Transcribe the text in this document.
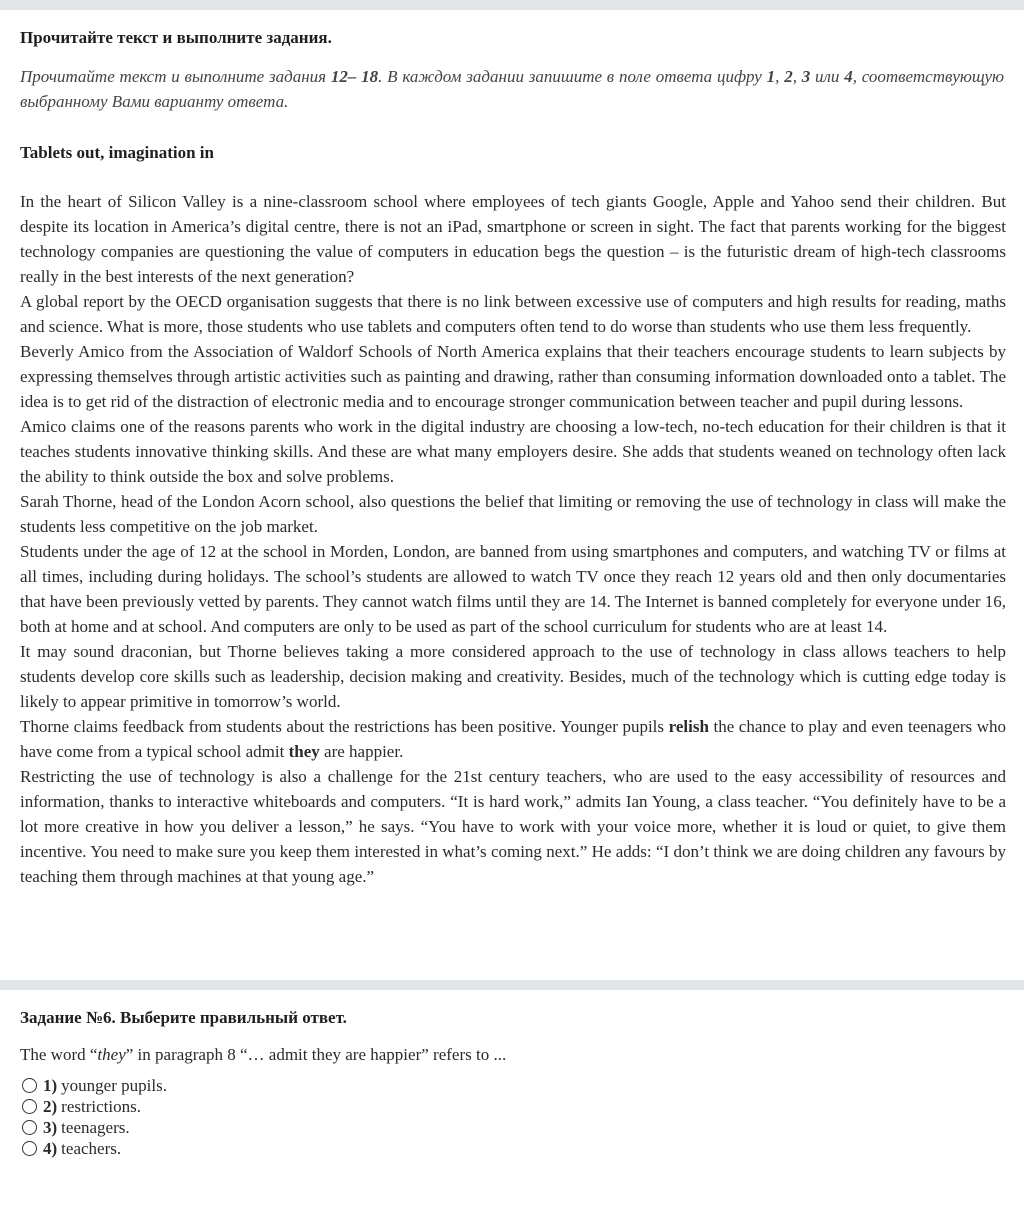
Прочитайте текст и выполните задания.
Прочитайте текст и выполните задания 12– 18. В каждом задании запишите в поле ответа цифру 1, 2, 3 или 4, соответствующую выбранному Вами варианту ответа.
Tablets out, imagination in

In the heart of Silicon Valley is a nine-classroom school where employees of tech giants Google, Apple and Yahoo send their children. But despite its location in America’s digital centre, there is not an iPad, smartphone or screen in sight. The fact that parents working for the biggest technology companies are questioning the value of computers in education begs the question – is the futuristic dream of high-tech classrooms really in the best interests of the next generation?

A global report by the OECD organisation suggests that there is no link between excessive use of computers and high results for reading, maths and science. What is more, those students who use tablets and computers often tend to do worse than students who use them less frequently.

Beverly Amico from the Association of Waldorf Schools of North America explains that their teachers encourage students to learn subjects by expressing themselves through artistic activities such as painting and drawing, rather than consuming information downloaded onto a tablet. The idea is to get rid of the distraction of electronic media and to encourage stronger communication between teacher and pupil during lessons.

Amico claims one of the reasons parents who work in the digital industry are choosing a low-tech, no-tech education for their children is that it teaches students innovative thinking skills. And these are what many employers desire. She adds that students weaned on technology often lack the ability to think outside the box and solve problems.

Sarah Thorne, head of the London Acorn school, also questions the belief that limiting or removing the use of technology in class will make the students less competitive on the job market.

Students under the age of 12 at the school in Morden, London, are banned from using smartphones and computers, and watching TV or films at all times, including during holidays. The school’s students are allowed to watch TV once they reach 12 years old and then only documentaries that have been previously vetted by parents. They cannot watch films until they are 14. The Internet is banned completely for everyone under 16, both at home and at school. And computers are only to be used as part of the school curriculum for students who are at least 14.

It may sound draconian, but Thorne believes taking a more considered approach to the use of technology in class allows teachers to help students develop core skills such as leadership, decision making and creativity. Besides, much of the technology which is cutting edge today is likely to appear primitive in tomorrow’s world.

Thorne claims feedback from students about the restrictions has been positive. Younger pupils relish the chance to play and even teenagers who have come from a typical school admit they are happier.

Restricting the use of technology is also a challenge for the 21st century teachers, who are used to the easy accessibility of resources and information, thanks to interactive whiteboards and computers. “It is hard work,” admits Ian Young, a class teacher. “You definitely have to be a lot more creative in how you deliver a lesson,” he says. “You have to work with your voice more, whether it is loud or quiet, to give them incentive. You need to make sure you keep them interested in what’s coming next.” He adds: “I don’t think we are doing children any favours by teaching them through machines at that young age.”

Задание №6. Выберите правильный ответ.
The word “they” in paragraph 8 “… admit they are happier” refers to ...
1) younger pupils.
2) restrictions.
3) teenagers.
4) teachers.
